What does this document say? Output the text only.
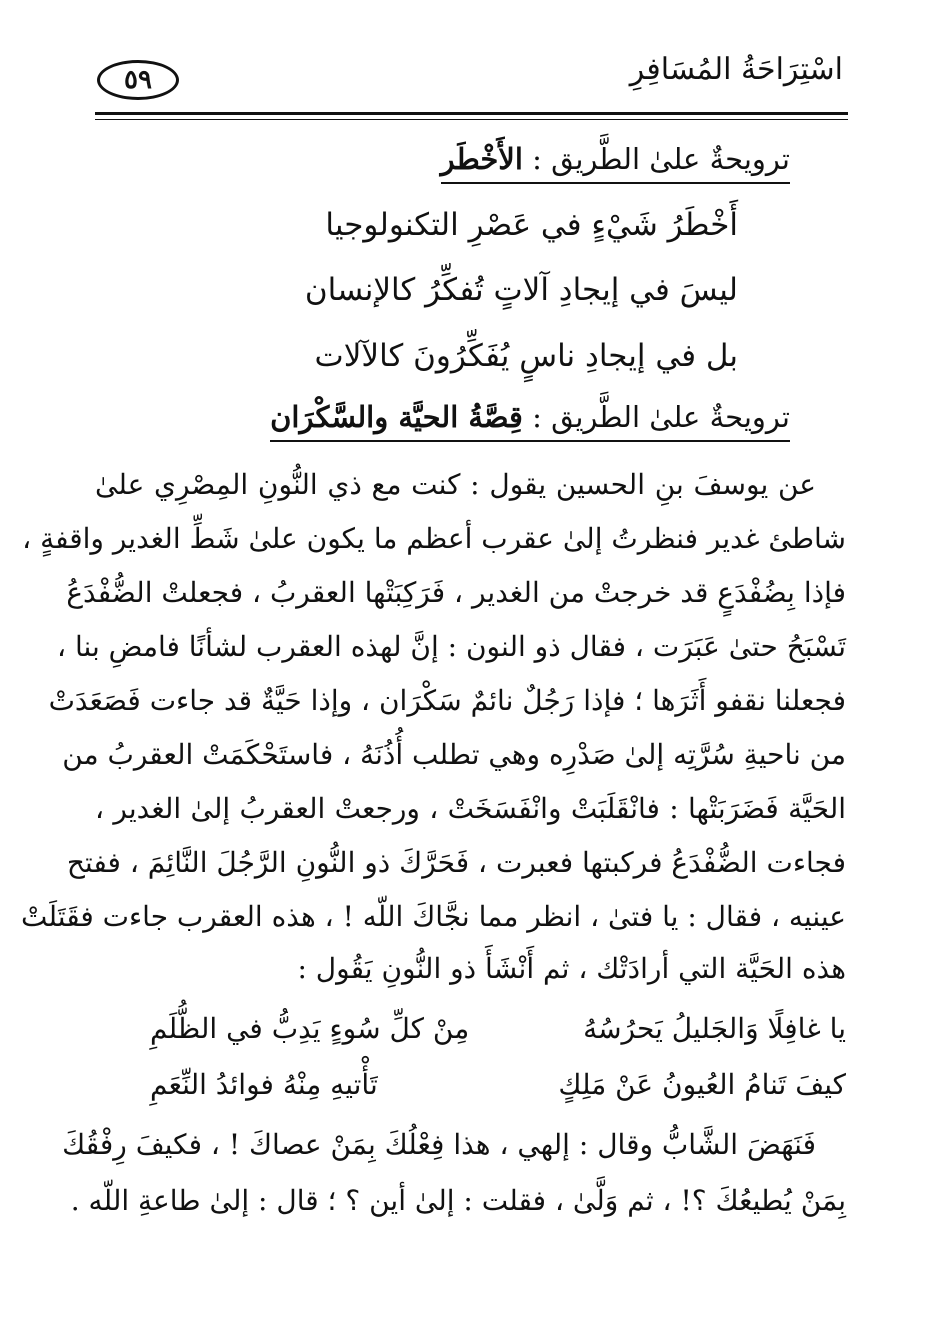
اسْتِرَاحَةُ المُسَافِرِ
٥٩
ترويحةٌ علىٰ الطَّريق : الأَخْطَر
أَخْطَرُ شَيْءٍ في عَصْرِ التكنولوجيا
ليسَ في إيجادِ آلاتٍ تُفكِّرُ كالإنسان
بل في إيجادِ ناسٍ يُفَكِّرُونَ كالآلات
ترويحةٌ علىٰ الطَّريق : قِصَّةُ الحيَّة والسَّكْرَان
عن يوسفَ بنِ الحسين يقول : كنت مع ذي النُّونِ المِصْرِي علىٰ
شاطئ غدير فنظرتُ إلىٰ عقرب أعظم ما يكون علىٰ شَطِّ الغدير واقفةٍ ،
فإذا بِضُفْدَعٍ قد خرجتْ من الغدير ، فَرَكِبَتْها العقربُ ، فجعلتْ الضُّفْدَعُ
تَسْبَحُ حتىٰ عَبَرَت ، فقال ذو النون : إنَّ لهذه العقرب لشأنًا فامضِ بنا ،
فجعلنا نقفو أَثَرَها ؛ فإذا رَجُلٌ نائمٌ سَكْرَان ، وإذا حَيَّةٌ قد جاءت فَصَعَدَتْ
من ناحيةِ سُرَّتِه إلىٰ صَدْرِه وهي تطلب أُذُنَهُ ، فاستَحْكَمَتْ العقربُ من
الحَيَّة فَضَرَبَتْها : فانْقَلَبَتْ وانْفَسَخَتْ ، ورجعتْ العقربُ إلىٰ الغدير ،
فجاءت الضُّفْدَعُ فركبتها فعبرت ، فَحَرَّكَ ذو النُّونِ الرَّجُلَ النَّائِمَ ، ففتح
عينيه ، فقال : يا فتىٰ ، انظر مما نجَّاكَ اللّه ! ، هذه العقرب جاءت فقَتَلَتْ
هذه الحَيَّة التي أرادَتْك ، ثم أَنْشَأَ ذو النُّونِ يَقُول :
يا غافِلًا وَالجَليلُ يَحرُسُهُ
مِنْ كلِّ سُوءٍ يَدِبُّ في الظُّلَمِ
كيفَ تَنامُ العُيونُ عَنْ مَلِكٍ
تَأْتيهِ مِنْهُ فوائدُ النِّعَمِ
فَنَهَضَ الشَّابُّ وقال : إلهي ، هذا فِعْلُكَ بِمَنْ عصاكَ ! ، فكيفَ رِفْقُكَ
بِمَنْ يُطيعُكَ ؟! ، ثم وَلَّىٰ ، فقلت : إلىٰ أين ؟ ؛ قال : إلىٰ طاعةِ اللّه .
